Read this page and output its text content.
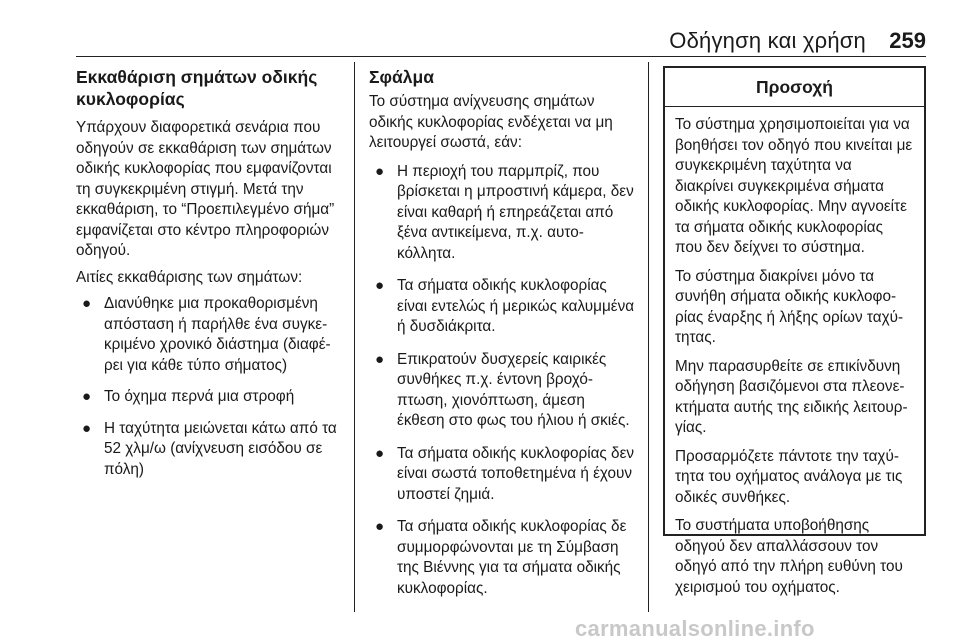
Οδήγηση και χρήση 259
Εκκαθάριση σημάτων οδικής κυκλοφορίας

Υπάρχουν διαφορετικά σενάρια που οδηγούν σε εκκαθάριση των σημάτων οδικής κυκλοφορίας που εμφανίζονται τη συγκεκριμένη στιγμή. Μετά την εκκαθάριση, το “Προεπιλεγμένο σήμα” εμφανίζεται στο κέντρο πληροφοριών οδηγού.

Αιτίες εκκαθάρισης των σημάτων:

● Διανύθηκε μια προκαθορισμένη απόσταση ή παρήλθε ένα συγκεκριμένο χρονικό διάστημα (διαφέρει για κάθε τύπο σήματος)
● Το όχημα περνά μια στροφή
● Η ταχύτητα μειώνεται κάτω από τα 52 χλμ/ω (ανίχνευση εισόδου σε πόλη)
Σφάλμα

Το σύστημα ανίχνευσης σημάτων οδικής κυκλοφορίας ενδέχεται να μη λειτουργεί σωστά, εάν:

● Η περιοχή του παρμπρίζ, που βρίσκεται η μπροστινή κάμερα, δεν είναι καθαρή ή επηρεάζεται από ξένα αντικείμενα, π.χ. αυτοκόλλητα.
● Τα σήματα οδικής κυκλοφορίας είναι εντελώς ή μερικώς καλυμμένα ή δυσδιάκριτα.
● Επικρατούν δυσχερείς καιρικές συνθήκες π.χ. έντονη βροχόπτωση, χιονόπτωση, άμεση έκθεση στο φως του ήλιου ή σκιές.
● Τα σήματα οδικής κυκλοφορίας δεν είναι σωστά τοποθετημένα ή έχουν υποστεί ζημιά.
● Τα σήματα οδικής κυκλοφορίας δε συμμορφώνονται με τη Σύμβαση της Βιέννης για τα σήματα οδικής κυκλοφορίας.
Προσοχή

Το σύστημα χρησιμοποιείται για να βοηθήσει τον οδηγό που κινείται με συγκεκριμένη ταχύτητα να διακρίνει συγκεκριμένα σήματα οδικής κυκλοφορίας. Μην αγνοείτε τα σήματα οδικής κυκλοφορίας που δεν δείχνει το σύστημα.

Το σύστημα διακρίνει μόνο τα συνήθη σήματα οδικής κυκλοφορίας έναρξης ή λήξης ορίων ταχύτητας.

Μην παρασυρθείτε σε επικίνδυνη οδήγηση βασιζόμενοι στα πλεονεκτήματα αυτής της ειδικής λειτουργίας.

Προσαρμόζετε πάντοτε την ταχύτητα του οχήματος ανάλογα με τις οδικές συνθήκες.

Το συστήματα υποβοήθησης οδηγού δεν απαλλάσσουν τον οδηγό από την πλήρη ευθύνη του χειρισμού του οχήματος.

carmanualsonline.info
